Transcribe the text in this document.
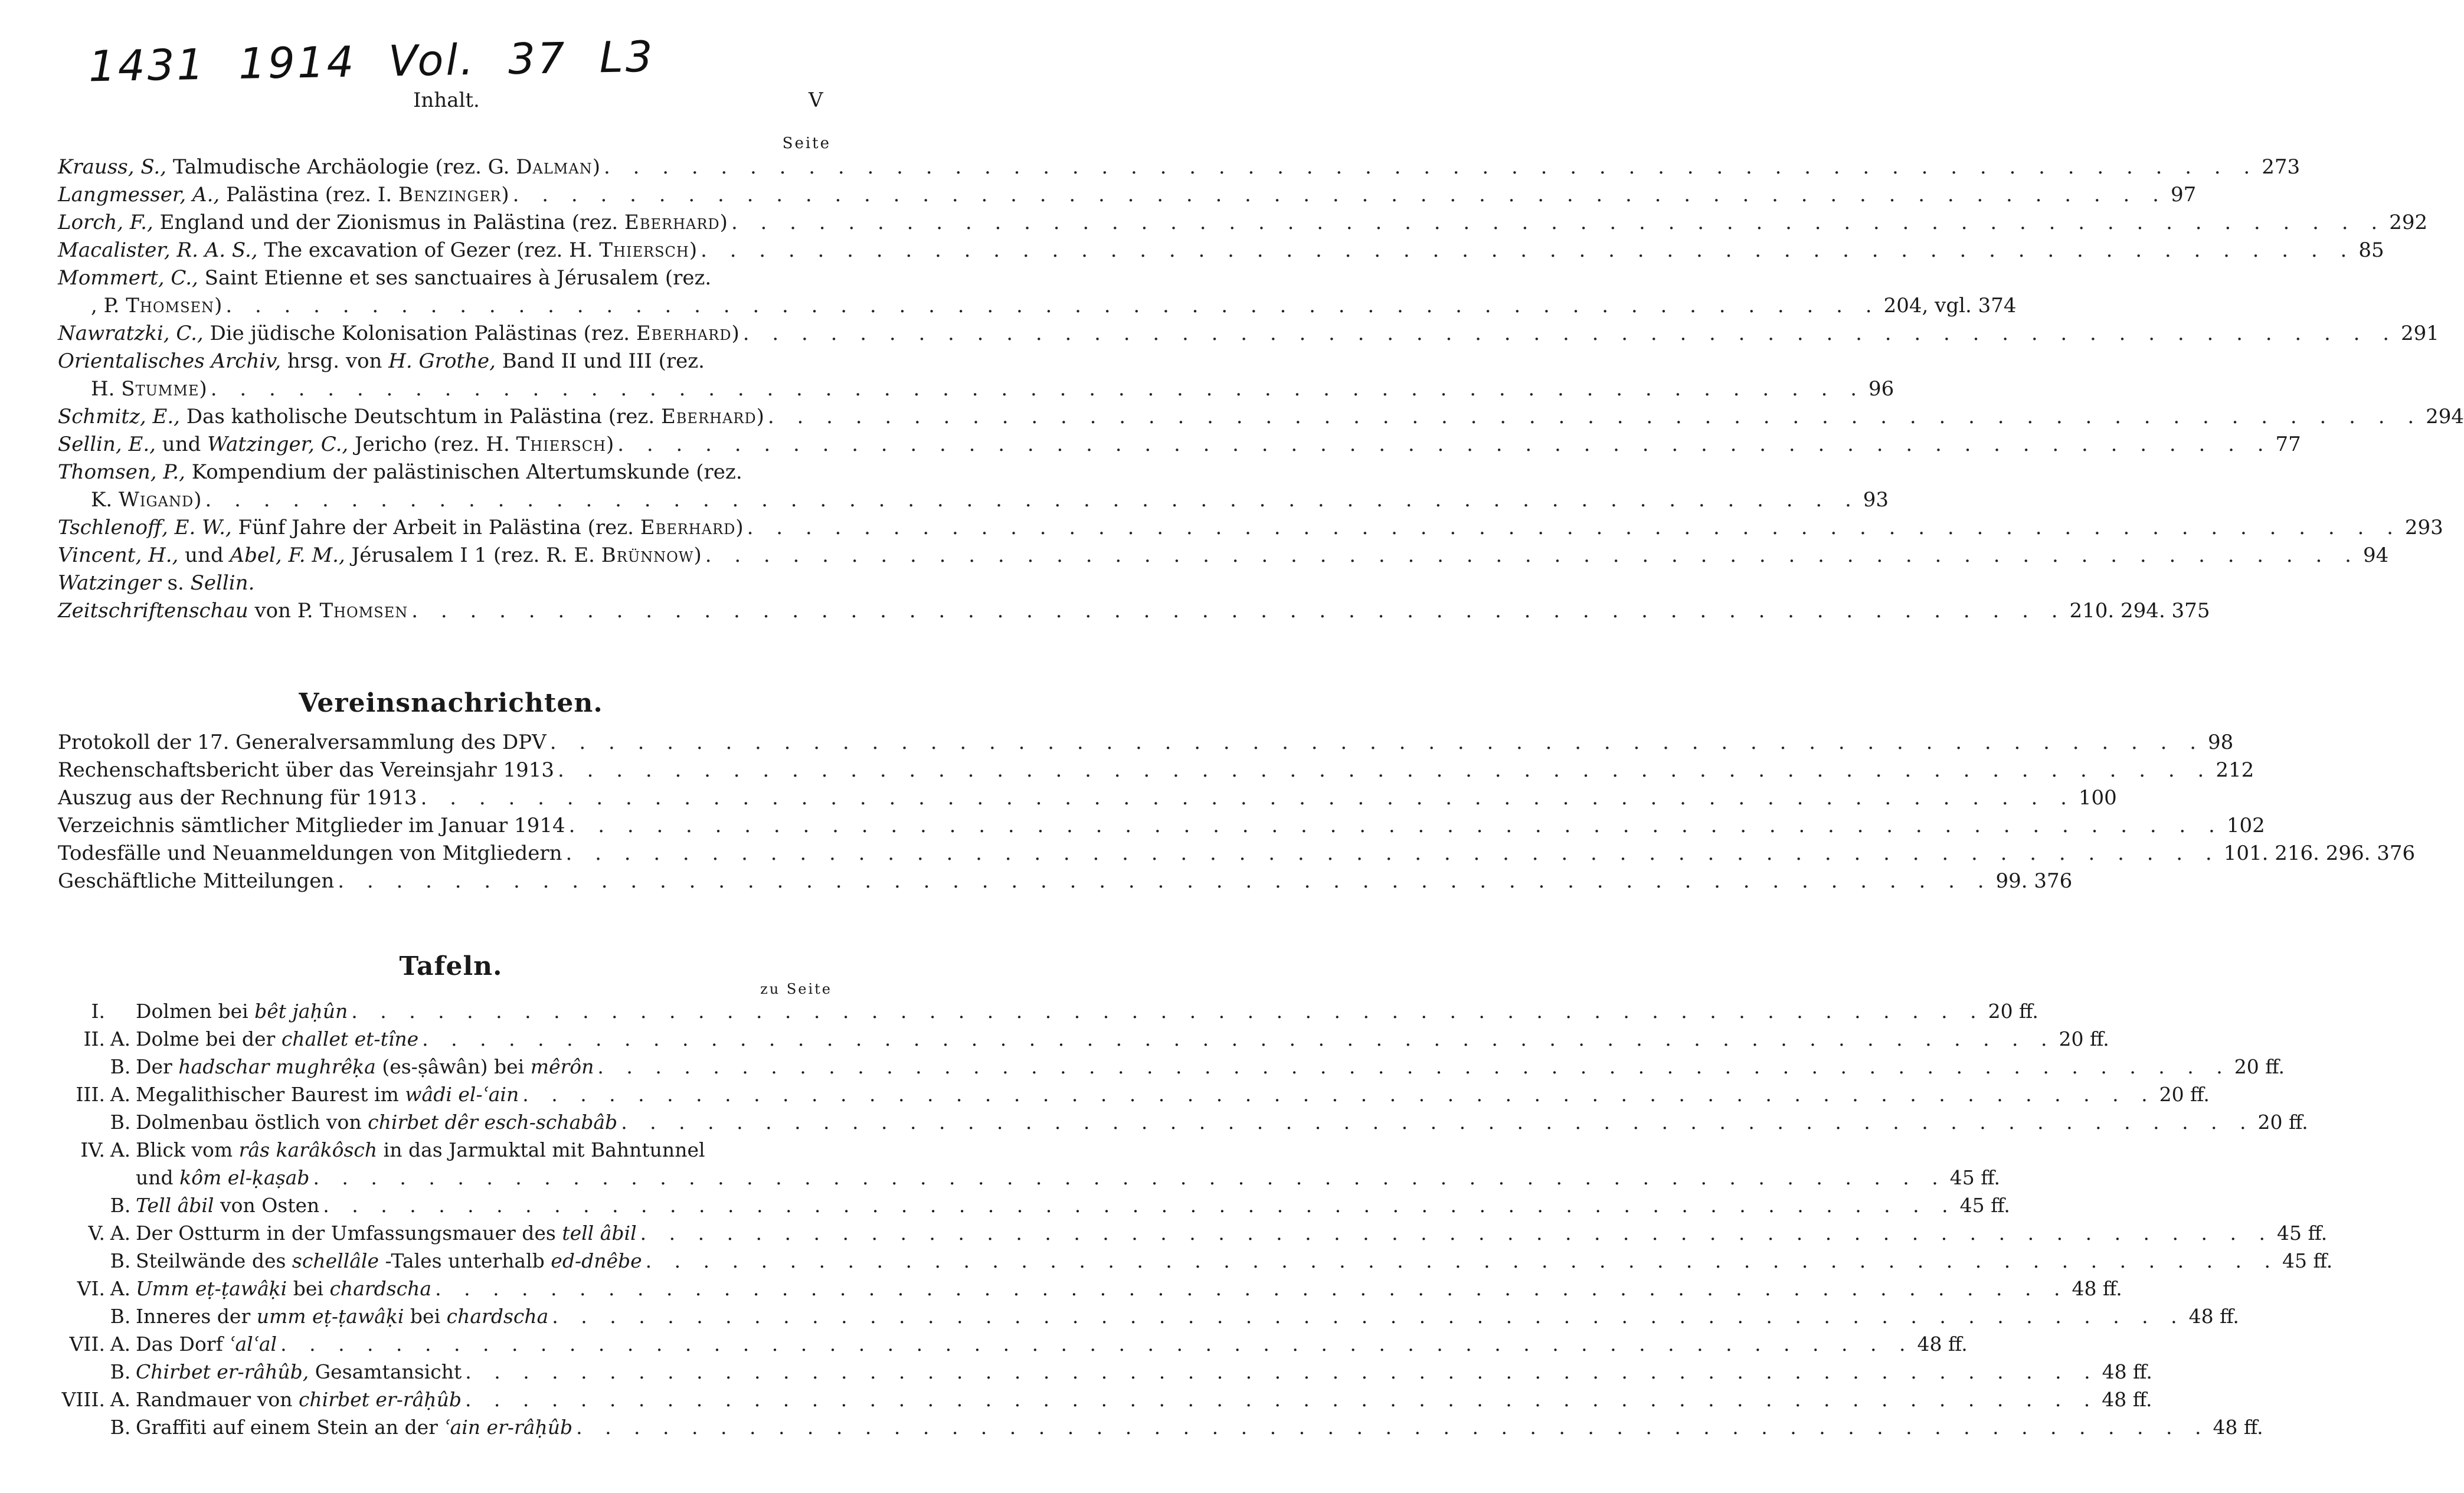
1431 1914 Vol. 37 L3
Inhalt.	V
Seite
Krauss, S., Talmudische Archäologie (rez. G. Dalman) . . . . . . . . . . . . . . . . . . . . . . . . . . . . . . . . . . . . . . . . . . . . . . . . . . . . . . . . . 273
Langmesser, A., Palästina (rez. I. Benzinger) . . . . . . . . . . . . . . . . . . . . . . . . . . . . . . . . . . . . . . . . . . . . . . . . . . . . . . . . . 97
Lorch, F., England und der Zionismus in Palästina (rez. Eberhard) . . . . . . . . . . . . . . . . . . . . . . . . . . . . . . . . . . . . . . . . . . . . . . . . . . . . . . . . . 292
Macalister, R. A. S., The excavation of Gezer (rez. H. Thiersch) . . . . . . . . . . . . . . . . . . . . . . . . . . . . . . . . . . . . . . . . . . . . . . . . . . . . . . . . . 85
Mommert, C., Saint Etienne et ses sanctuaires à Jérusalem (rez.
, P. Thomsen) . . . . . . . . . . . . . . . . . . . . . . . . . . . . . . . . . . . . . . . . . . . . . . . . . . . . . . . . . 204, vgl. 374
Nawratzki, C., Die jüdische Kolonisation Palästinas (rez. Eberhard) . . . . . . . . . . . . . . . . . . . . . . . . . . . . . . . . . . . . . . . . . . . . . . . . . . . . . . . . . 291
Orientalisches Archiv, hrsg. von H. Grothe, Band II und III (rez.
H. Stumme) . . . . . . . . . . . . . . . . . . . . . . . . . . . . . . . . . . . . . . . . . . . . . . . . . . . . . . . . . 96
Schmitz, E., Das katholische Deutschtum in Palästina (rez. Eberhard) . . . . . . . . . . . . . . . . . . . . . . . . . . . . . . . . . . . . . . . . . . . . . . . . . . . . . . . . . 294
Sellin, E., und Watzinger, C., Jericho (rez. H. Thiersch) . . . . . . . . . . . . . . . . . . . . . . . . . . . . . . . . . . . . . . . . . . . . . . . . . . . . . . . . . 77
Thomsen, P., Kompendium der palästinischen Altertumskunde (rez.
K. Wigand) . . . . . . . . . . . . . . . . . . . . . . . . . . . . . . . . . . . . . . . . . . . . . . . . . . . . . . . . . 93
Tschlenoff, E. W., Fünf Jahre der Arbeit in Palästina (rez. Eberhard) . . . . . . . . . . . . . . . . . . . . . . . . . . . . . . . . . . . . . . . . . . . . . . . . . . . . . . . . . 293
Vincent, H., und Abel, F. M., Jérusalem I 1 (rez. R. E. Brünnow) . . . . . . . . . . . . . . . . . . . . . . . . . . . . . . . . . . . . . . . . . . . . . . . . . . . . . . . . . 94
Watzinger s. Sellin.
Zeitschriftenschau von P. Thomsen . . . . . . . . . . . . . . . . . . . . . . . . . . . . . . . . . . . . . . . . . . . . . . . . . . . . . . . . . 210. 294. 375
Vereinsnachrichten.
Protokoll der 17. Generalversammlung des DPV . . . . . . . . . . . . . . . . . . . . . . . . . . . . . . . . . . . . . . . . . . . . . . . . . . . . . . . . . 98
Rechenschaftsbericht über das Vereinsjahr 1913 . . . . . . . . . . . . . . . . . . . . . . . . . . . . . . . . . . . . . . . . . . . . . . . . . . . . . . . . . 212
Auszug aus der Rechnung für 1913 . . . . . . . . . . . . . . . . . . . . . . . . . . . . . . . . . . . . . . . . . . . . . . . . . . . . . . . . . 100
Verzeichnis sämtlicher Mitglieder im Januar 1914 . . . . . . . . . . . . . . . . . . . . . . . . . . . . . . . . . . . . . . . . . . . . . . . . . . . . . . . . . 102
Todesfälle und Neuanmeldungen von Mitgliedern . . . . . . . . . . . . . . . . . . . . . . . . . . . . . . . . . . . . . . . . . . . . . . . . . . . . . . . . . 101. 216. 296. 376
Geschäftliche Mitteilungen . . . . . . . . . . . . . . . . . . . . . . . . . . . . . . . . . . . . . . . . . . . . . . . . . . . . . . . . . 99. 376
Tafeln.
zu Seite
I. Dolmen bei bêt jaḥûn . . . . . . . . . . . . . . . . . . . . . . . . . . . . . . . . . . . . . . . . . . . . . . . . . . . . . . . . . 20 ff.
II. A. Dolme bei der challet et-tîne . . . . . . . . . . . . . . . . . . . . . . . . . . . . . . . . . . . . . . . . . . . . . . . . . . . . . . . . . 20 ff.
B. Der hadschar mughrêḳa (es-ṣâwân) bei mêrôn . . . . . . . . . . . . . . . . . . . . . . . . . . . . . . . . . . . . . . . . . . . . . . . . . . . . . . . . . 20 ff.
III. A. Megalithischer Baurest im wâdi el-ʿain . . . . . . . . . . . . . . . . . . . . . . . . . . . . . . . . . . . . . . . . . . . . . . . . . . . . . . . . . 20 ff.
B. Dolmenbau östlich von chirbet dêr esch-schabâb . . . . . . . . . . . . . . . . . . . . . . . . . . . . . . . . . . . . . . . . . . . . . . . . . . . . . . . . . 20 ff.
IV. A. Blick vom râs karâkôsch in das Jarmuktal mit Bahntunnel
und kôm el-ḳaṣab . . . . . . . . . . . . . . . . . . . . . . . . . . . . . . . . . . . . . . . . . . . . . . . . . . . . . . . . . 45 ff.
B. Tell âbil von Osten . . . . . . . . . . . . . . . . . . . . . . . . . . . . . . . . . . . . . . . . . . . . . . . . . . . . . . . . . 45 ff.
V. A. Der Ostturm in der Umfassungsmauer des tell âbil . . . . . . . . . . . . . . . . . . . . . . . . . . . . . . . . . . . . . . . . . . . . . . . . . . . . . . . . . 45 ff.
B. Steilwände des schellâle -Tales unterhalb ed-dnêbe . . . . . . . . . . . . . . . . . . . . . . . . . . . . . . . . . . . . . . . . . . . . . . . . . . . . . . . . . 45 ff.
VI. A. Umm eṭ-ṭawâḳi bei chardscha . . . . . . . . . . . . . . . . . . . . . . . . . . . . . . . . . . . . . . . . . . . . . . . . . . . . . . . . . 48 ff.
B. Inneres der umm eṭ-ṭawâḳi bei chardscha . . . . . . . . . . . . . . . . . . . . . . . . . . . . . . . . . . . . . . . . . . . . . . . . . . . . . . . . . 48 ff.
VII. A. Das Dorf ʿalʿal . . . . . . . . . . . . . . . . . . . . . . . . . . . . . . . . . . . . . . . . . . . . . . . . . . . . . . . . . 48 ff.
B. Chirbet er-râhûb, Gesamtansicht . . . . . . . . . . . . . . . . . . . . . . . . . . . . . . . . . . . . . . . . . . . . . . . . . . . . . . . . . 48 ff.
VIII. A. Randmauer von chirbet er-râḥûb . . . . . . . . . . . . . . . . . . . . . . . . . . . . . . . . . . . . . . . . . . . . . . . . . . . . . . . . . 48 ff.
B. Graffiti auf einem Stein an der ʿain er-râḥûb . . . . . . . . . . . . . . . . . . . . . . . . . . . . . . . . . . . . . . . . . . . . . . . . . . . . . . . . . 48 ff.
